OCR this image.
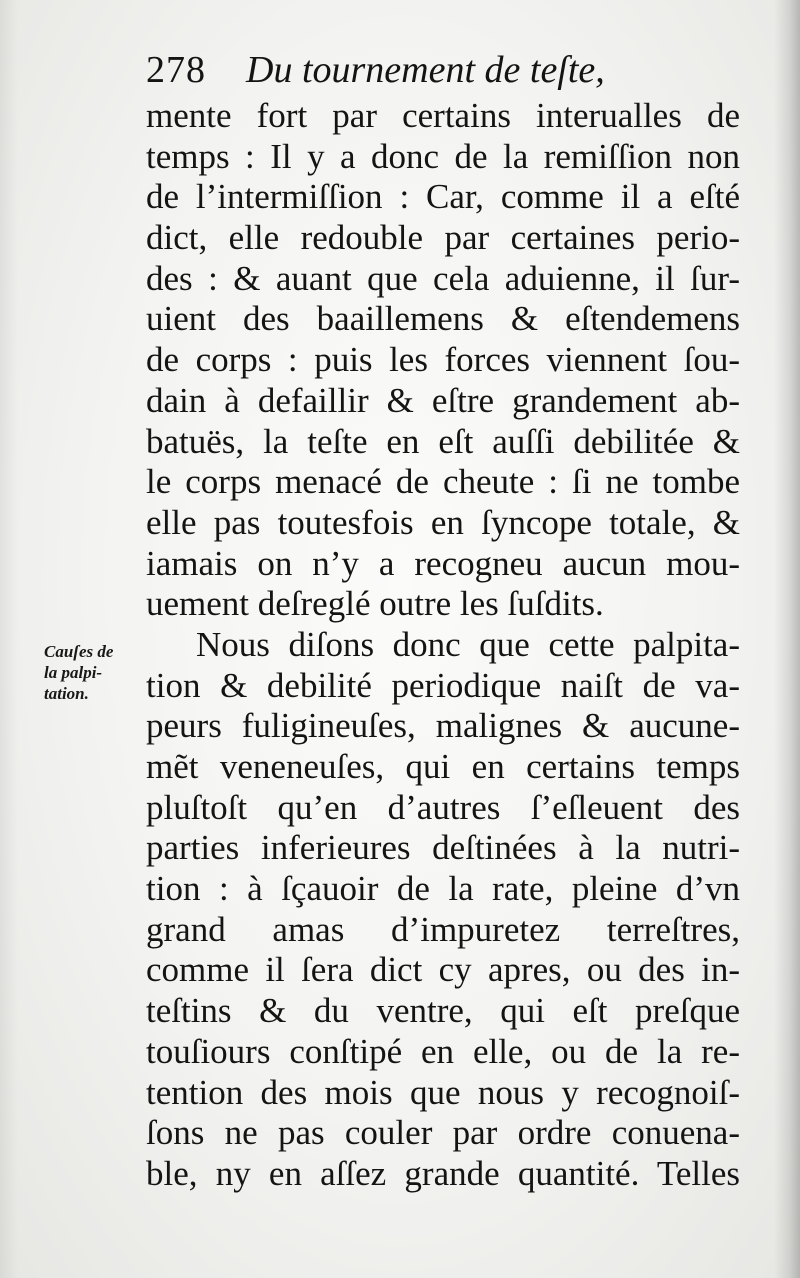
278 Du tournement de teſte,
Cauſes de
la palpi-
tation.
mente fort par certains interualles de
temps : Il y a donc de la remiſſion non
de l’intermiſſion : Car, comme il a eſté
dict, elle redouble par certaines perio-
des : & auant que cela aduienne, il ſur-
uient des baaillemens & eſtendemens
de corps : puis les forces viennent ſou-
dain à defaillir & eſtre grandement ab-
batuës, la teſte en eſt auſſi debilitée &
le corps menacé de cheute : ſi ne tombe
elle pas toutesfois en ſyncope totale, &
iamais on n’y a recogneu aucun mou-
uement deſreglé outre les ſuſdits.
Nous diſons donc que cette palpita-
tion & debilité periodique naiſt de va-
peurs fuligineuſes, malignes & aucune-
mẽt veneneuſes, qui en certains temps
pluſtoſt qu’en d’autres ſ’eſleuent des
parties inferieures deſtinées à la nutri-
tion : à ſçauoir de la rate, pleine d’vn
grand amas d’impuretez terreſtres,
comme il ſera dict cy apres, ou des in-
teſtins & du ventre, qui eſt preſque
touſiours conſtipé en elle, ou de la re-
tention des mois que nous y recognoiſ-
ſons ne pas couler par ordre conuena-
ble, ny en aſſez grande quantité. Telles
